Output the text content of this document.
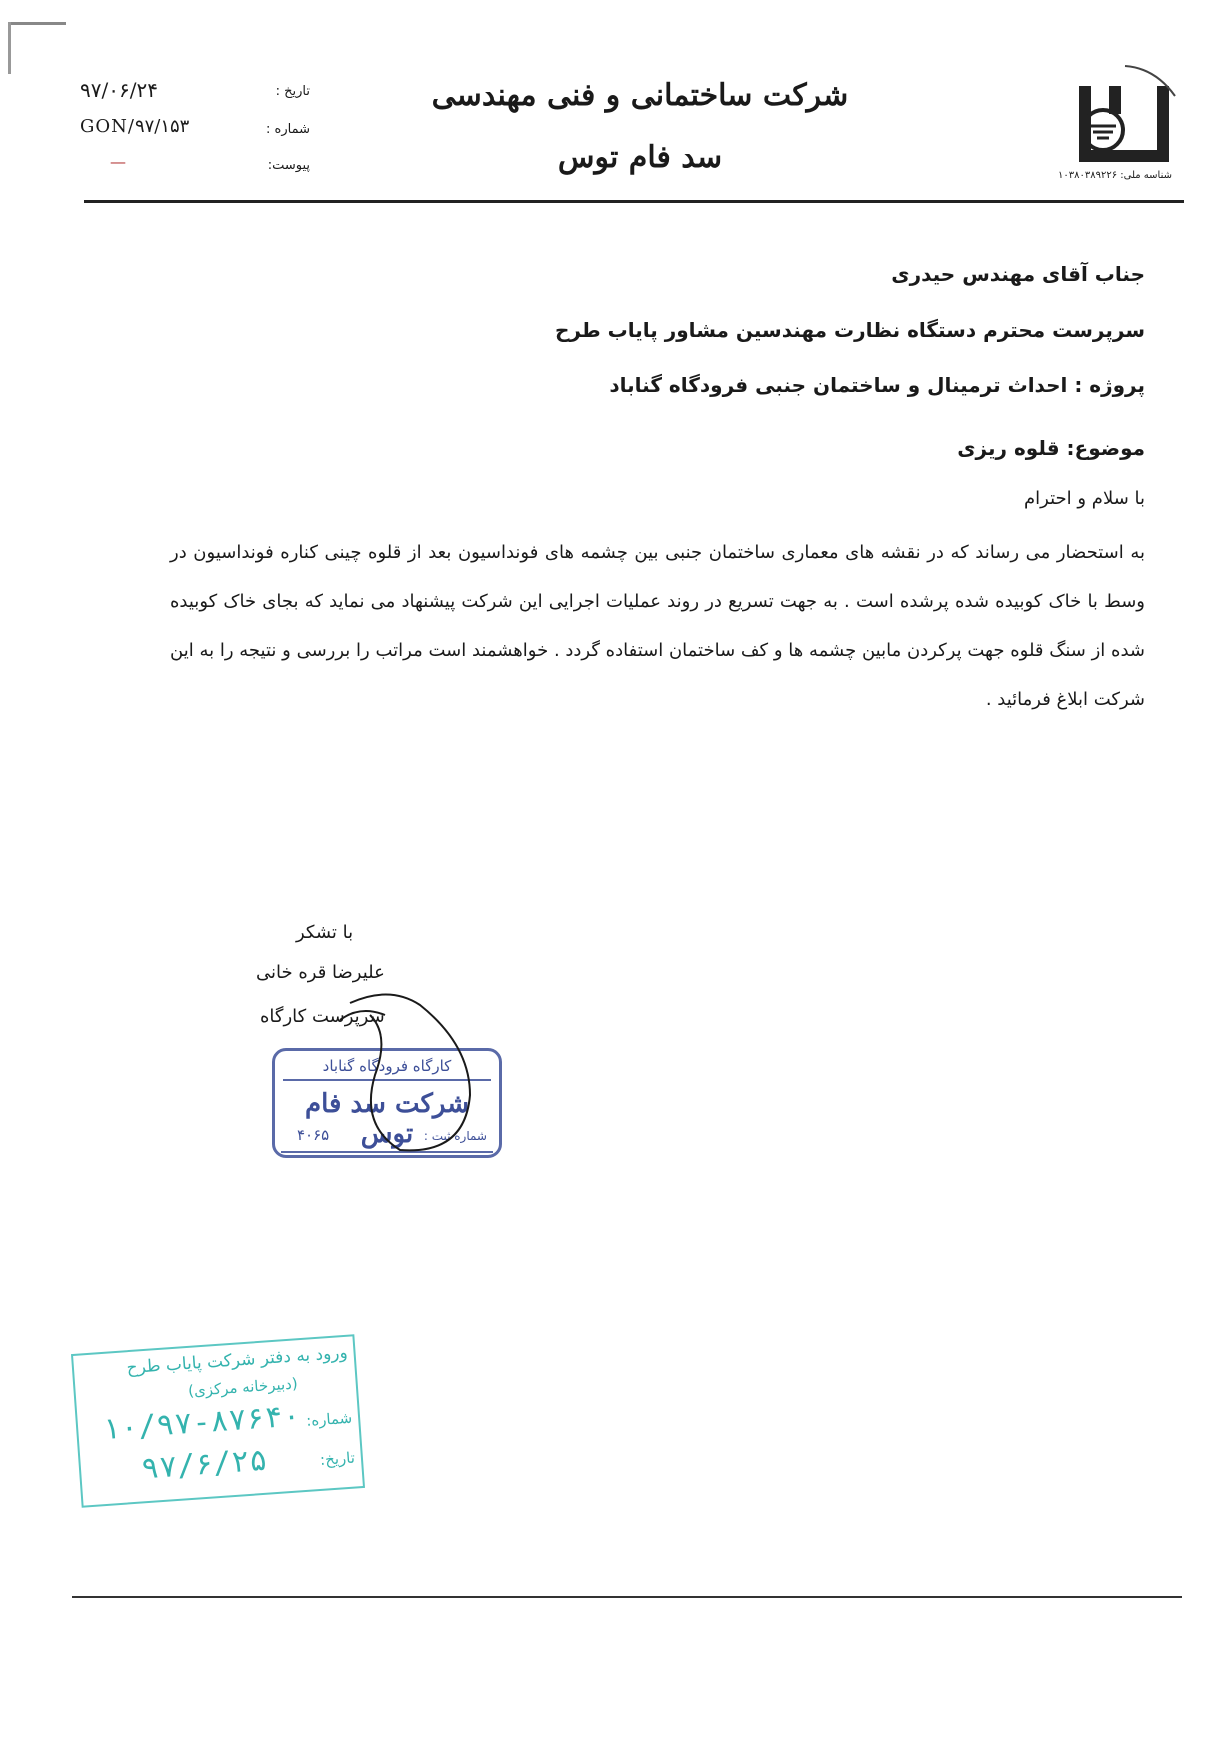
شناسه ملی: ۱۰۳۸۰۳۸۹۲۲۶
شرکت ساختمانی و فنی مهندسی
سد فام توس
تاریخ :
۹۷/۰۶/۲۴
شماره :
GON/۹۷/۱۵۳
پیوست:
—
جناب آقای مهندس حیدری
سرپرست محترم دستگاه نظارت مهندسین مشاور پایاب طرح
پروژه : احداث ترمینال و ساختمان جنبی فرودگاه گناباد
موضوع: قلوه ریزی
با سلام و احترام
به استحضار می رساند که در نقشه های معماری ساختمان جنبی بین چشمه های فونداسیون بعد از قلوه چینی کناره فونداسیون در وسط با خاک کوبیده شده پرشده است . به جهت تسریع در روند عملیات اجرایی این شرکت پیشنهاد می نماید که بجای خاک کوبیده شده از سنگ قلوه جهت پرکردن مابین چشمه ها و کف ساختمان استفاده گردد . خواهشمند است مراتب را بررسی و نتیجه را به این شرکت ابلاغ فرمائید .
با تشکر
علیرضا قره خانی
سرپرست کارگاه
کارگاه فرودگاه گناباد
شرکت سد فام توس شماره ثبت :
۴۰۶۵
ورود به دفتر شرکت پایاب طرح
(دبیرخانه مرکزی)
شماره:
۱۰/۹۷-۸۷۶۴۰
تاریخ:
۹۷/۶/۲۵
